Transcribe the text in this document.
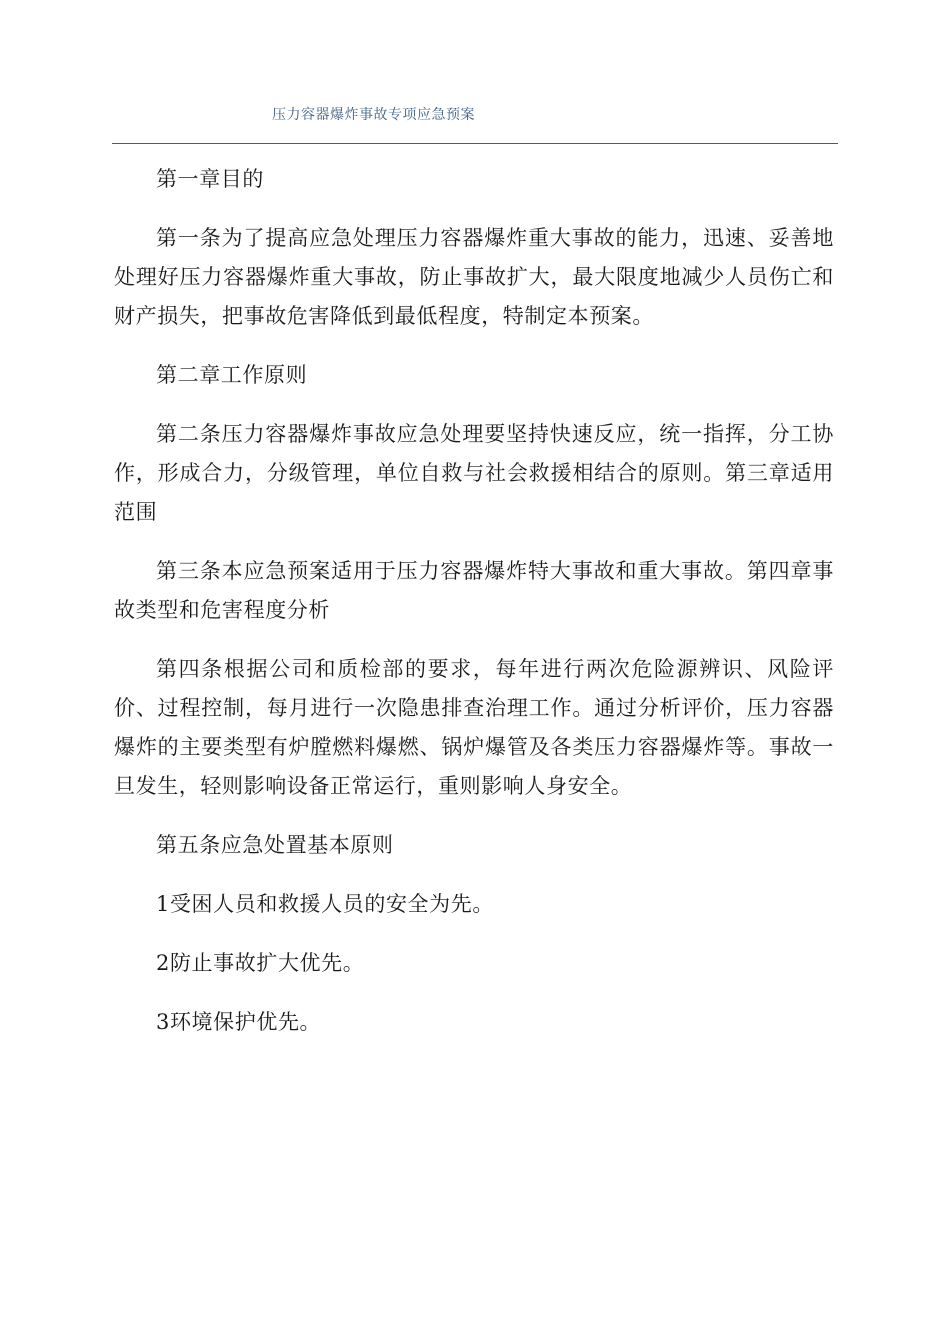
压力容器爆炸事故专项应急预案

第一章目的

第一条为了提高应急处理压力容器爆炸重大事故的能力，迅速、妥善地处理好压力容器爆炸重大事故，防止事故扩大，最大限度地减少人员伤亡和财产损失，把事故危害降低到最低程度，特制定本预案。

第二章工作原则

第二条压力容器爆炸事故应急处理要坚持快速反应，统一指挥，分工协作，形成合力，分级管理，单位自救与社会救援相结合的原则。第三章适用范围

第三条本应急预案适用于压力容器爆炸特大事故和重大事故。第四章事故类型和危害程度分析

第四条根据公司和质检部的要求，每年进行两次危险源辨识、风险评价、过程控制，每月进行一次隐患排查治理工作。通过分析评价，压力容器爆炸的主要类型有炉膛燃料爆燃、锅炉爆管及各类压力容器爆炸等。事故一旦发生，轻则影响设备正常运行，重则影响人身安全。

第五条应急处置基本原则

1受困人员和救援人员的安全为先。

2防止事故扩大优先。

3环境保护优先。
